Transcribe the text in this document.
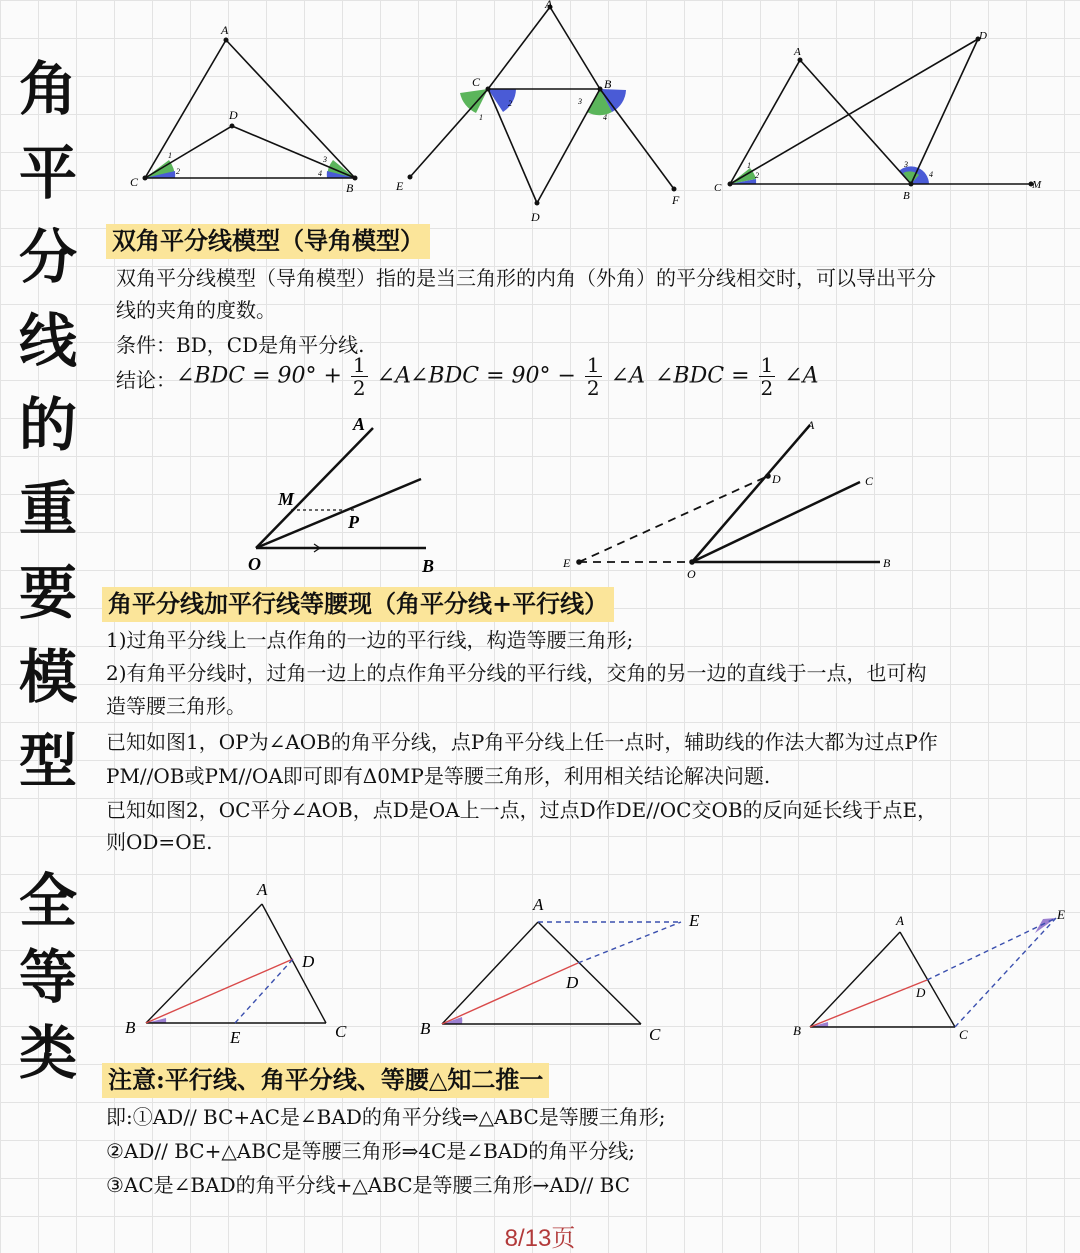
角
平
分
线
的
重
要
模
型
全
等
类
A
D
C	B
1
2
3
4
A
C	B
E
F
D
1
2	3
4
A
D
C
B
M
1
2
3
4
双角平分线模型（导角模型）
双角平分线模型（导角模型）指的是当三角形的内角（外角）的平分线相交时，可以导出平分
线的夹角的度数。
条件：BD，CD是角平分线.
结论： ∠BDC = $90^\circ + \frac{1}{2}$ ∠A ∠BDC = $90^\circ - \frac{1}{2}$ ∠A ∠BDC = $\frac{1}{2}$ ∠A
A
M
P
O	B
A
D	C
E
O
B
角平分线加平行线等腰现（角平分线+平行线）
1)过角平分线上一点作角的一边的平行线，构造等腰三角形;
2)有角平分线时，过角一边上的点作角平分线的平行线，交角的另一边的直线于一点，也可构
造等腰三角形。
已知如图1，OP为∠AOB的角平分线，点P角平分线上任一点时，辅助线的作法大都为过点P作
PM//OB或PM//OA即可即有Δ0MP是等腰三角形，利用相关结论解决问题.
已知如图2，OC平分∠AOB，点D是OA上一点，过点D作DE//OC交OB的反向延长线于点E，
则OD=OE.
A
D
B
E	C
A
E
D
B	C
A	E
D
B	C
注意:平行线、角平分线、等腰△知二推一
即:①AD// BC+AC是∠BAD的角平分线⇒△ABC是等腰三角形;
②AD// BC+△ABC是等腰三角形⇒4C是∠BAD的角平分线;
③AC是∠BAD的角平分线+△ABC是等腰三角形→AD// BC
8/13页
